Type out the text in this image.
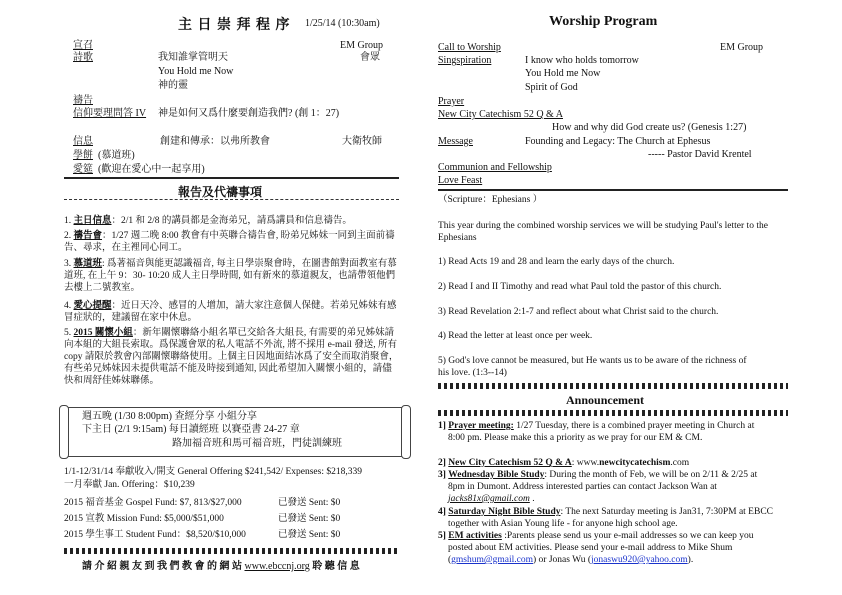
主 日 崇 拜 程 序 1/25/14 (10:30am)
宣召	EM Group
詩歌	我知誰掌管明天	會眾
You Hold me Now
神的靈
禱告
信仰要理問答 IV 神是如何又爲什麼要創造我們? (創 1：27)
信息	創建和傳承：以弗所教會	大衛牧師
學餅 (慕道班)
愛筵 (歡迎在愛心中一起享用)
報告及代禱事項
1. 主日信息：2/1 和 2/8 的講員都是金海弟兄，請爲講員和信息禱告。
2. 禱告會：1/27 週二晚 8:00 教會有中英聯合禱告會, 盼弟兄姊妹一同到主面前禱告、尋求，在主裡同心同工。
3. 慕道班: 爲著福音與能更認識福音, 每主日學崇聚會時，在圖書館對面教室有慕道班, 在上午 9：30- 10:20 成人主日學時間, 如有新來的慕道親友，也請帶領他們去樓上二號教室。
4. 愛心提醒：近日天冷、感冒的人增加，請大家注意個人保健。若弟兄姊妹有感冒症狀的，建議留在家中休息。
5. 2015 關懷小組：新年關懷聯絡小組名單已交給各大組長, 有需要的弟兄姊妹請向本組的大組長索取。爲保護會眾的私人電話不外流, 將不採用 e-mail 發送, 所有 copy 請限於教會內部關懷聯絡使用。上個主日因地面結冰爲了安全而取消聚會，有些弟兄姊妹因未提供電話不能及時接到通知, 因此希望加入關懷小組的，請儘快和周舒佳姊妹聯係。
週五晚 (1/30 8:00pm) 查經分享 小組分享
下主日 (2/1 9:15am) 每日讀經班 以賽亞書 24-27 章
路加福音班和馬可福音班，門徒訓練班
1/1-12/31/14 奉獻收入/開支 General Offering $241,542/ Expenses: $218,339
一月奉獻 Jan. Offering：$10,239
2015 福音基金 Gospel Fund: $7, 813/$27,000	已發送 Sent: $0
2015 宣教 Mission Fund: $5,000/$51,000	已發送 Sent: $0
2015 學生事工 Student Fund：$8,520/$10,000	已發送 Sent: $0
請 介 紹 親 友 到 我 們 教 會 的 網 站 www.ebccnj.org 聆 聽 信 息
Worship Program
Call to Worship	EM Group
Singspiration	I know who holds tomorrow
You Hold me Now
Spirit of God
Prayer
New City Catechism 52 Q & A
How and why did God create us? (Genesis 1:27)
Message	Founding and Legacy: The Church at Ephesus
----- Pastor David Krentel
Communion and Fellowship
Love Feast
（Scripture：Ephesians ）
This year during the combined worship services we will be studying Paul's letter to the Ephesians
1) Read Acts 19 and 28 and learn the early days of the church.
2) Read I and II Timothy and read what Paul told the pastor of this church.
3) Read Revelation 2:1-7 and reflect about what Christ said to the church.
4) Read the letter at least once per week.
5) God's love cannot be measured, but He wants us to be aware of the richness of his love. (1:3--14)
Announcement
1] Prayer meeting: 1/27 Tuesday, there is a combined prayer meeting in Church at 8:00 pm. Please make this a priority as we pray for our EM & CM.
2] New City Catechism 52 Q & A: www.newcitycatechism.com
3] Wednesday Bible Study: During the month of Feb, we will be on 2/11 & 2/25 at 8pm in Dumont. Address interested parties can contact Jackson Wan at jacks81x@gmail.com .
4] Saturday Night Bible Study: The next Saturday meeting is Jan31, 7:30PM at EBCC together with Asian Young life - for anyone high school age.
5] EM activities :Parents please send us your e-mail addresses so we can keep you posted about EM activities. Please send your e-mail address to Mike Shum (gmshum@gmail.com) or Jonas Wu (jonaswu920@yahoo.com).
